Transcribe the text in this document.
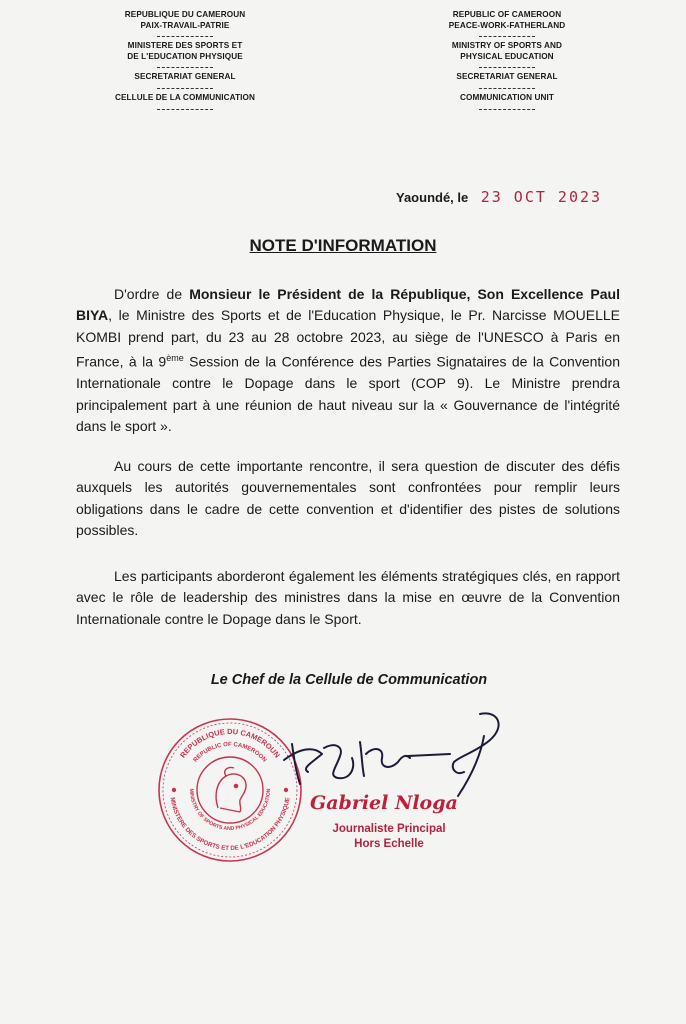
REPUBLIQUE DU CAMEROUN
PAIX-TRAVAIL-PATRIE
MINISTERE DES SPORTS ET
DE L'EDUCATION PHYSIQUE
SECRETARIAT GENERAL
CELLULE DE LA COMMUNICATION
REPUBLIC OF CAMEROON
PEACE-WORK-FATHERLAND
MINISTRY OF SPORTS AND
PHYSICAL EDUCATION
SECRETARIAT GENERAL
COMMUNICATION UNIT
Yaoundé, le 23 OCT 2023
NOTE D'INFORMATION
D'ordre de Monsieur le Président de la République, Son Excellence Paul BIYA, le Ministre des Sports et de l'Education Physique, le Pr. Narcisse MOUELLE KOMBI prend part, du 23 au 28 octobre 2023, au siège de l'UNESCO à Paris en France, à la 9ème Session de la Conférence des Parties Signataires de la Convention Internationale contre le Dopage dans le sport (COP 9). Le Ministre prendra principalement part à une réunion de haut niveau sur la « Gouvernance de l'intégrité dans le sport ».
Au cours de cette importante rencontre, il sera question de discuter des défis auxquels les autorités gouvernementales sont confrontées pour remplir leurs obligations dans le cadre de cette convention et d'identifier des pistes de solutions possibles.
Les participants aborderont également les éléments stratégiques clés, en rapport avec le rôle de leadership des ministres dans la mise en œuvre de la Convention Internationale contre le Dopage dans le Sport.
Le Chef de la Cellule de Communication
REPUBLIQUE DU CAMEROUN
REPUBLIC OF CAMEROON
MINISTERE DES SPORTS ET DE L'EDUCATION PHYSIQUE
MINISTRY OF SPORTS AND PHYSICAL EDUCATION
Gabriel Nloga
Journaliste Principal
Hors Echelle
